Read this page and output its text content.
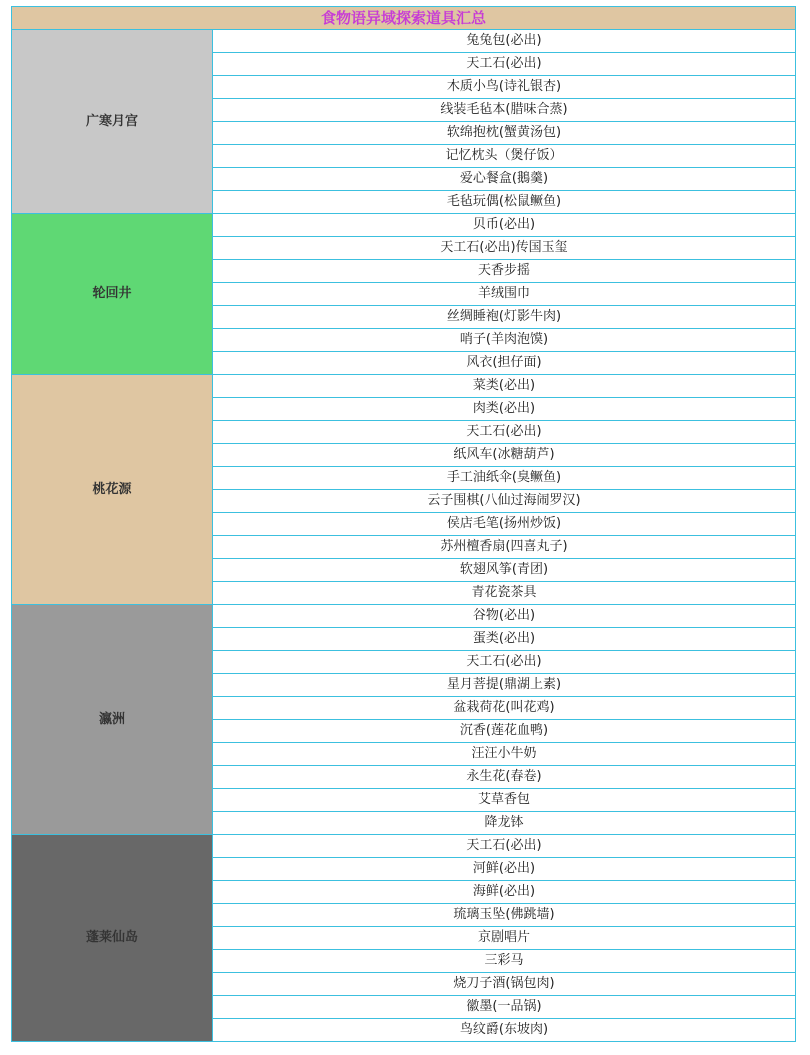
食物语异域探索道具汇总	
广寒月宫	兔兔包(必出)
	天工石(必出)
	木质小鸟(诗礼银杏)
	线装毛毡本(腊味合蒸)
	软绵抱枕(蟹黄汤包)
	记忆枕头（煲仔饭）
	爱心餐盒(鵝羹)
	毛毡玩偶(松鼠鳜鱼)
轮回井	贝币(必出)
	天工石(必出)传国玉玺
	天香步摇
	羊绒围巾
	丝绸睡袍(灯影牛肉)
	哨子(羊肉泡馍)
	风衣(担仔面)
桃花源	菜类(必出)
	肉类(必出)
	天工石(必出)
	纸风车(冰糖葫芦)
	手工油纸伞(臭鳜鱼)
	云子围棋(八仙过海闹罗汉)
	侯店毛笔(扬州炒饭)
	苏州檀香扇(四喜丸子)
	软翅风筝(青团)
	青花瓷茶具
瀛洲	谷物(必出)
	蛋类(必出)
	天工石(必出)
	星月菩提(鼎湖上素)
	盆栽荷花(叫花鸡)
	沉香(莲花血鸭)
	汪汪小牛奶
	永生花(春卷)
	艾草香包
	降龙钵
蓬莱仙岛	天工石(必出)
	河鲜(必出)
	海鲜(必出)
	琉璃玉坠(佛跳墙)
	京剧唱片
	三彩马
	烧刀子酒(锅包肉)
	徽墨(一品锅)
	鸟纹爵(东坡肉)
